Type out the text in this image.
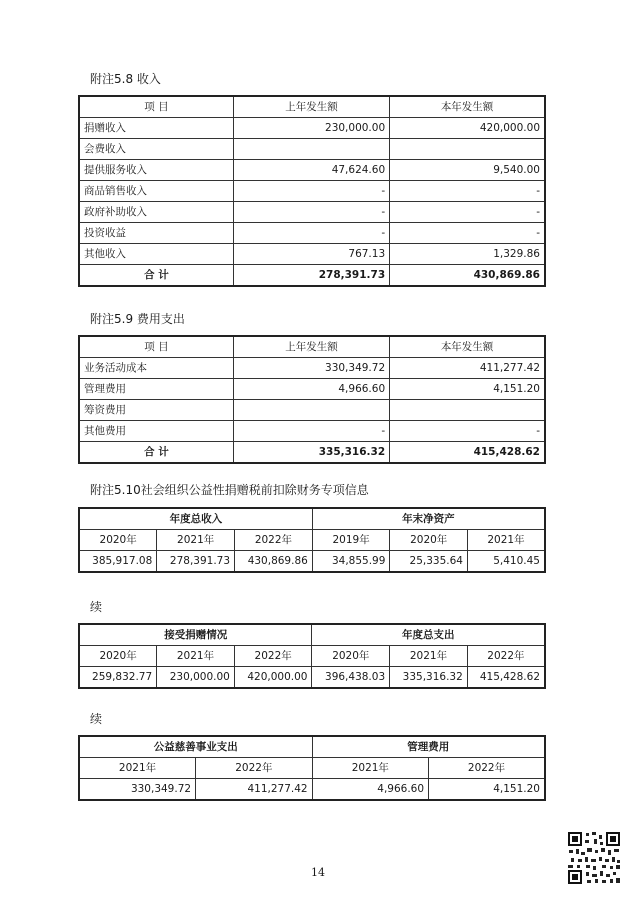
附注5.8 收入
项 目	上年发生额	本年发生额
捐赠收入	230,000.00	420,000.00
会费收入		
提供服务收入	47,624.60	9,540.00
商品销售收入	-	-
政府补助收入	-	-
投资收益	-	-
其他收入	767.13	1,329.86
合 计	278,391.73	430,869.86
附注5.9 费用支出
项 目	上年发生额	本年发生额
业务活动成本	330,349.72	411,277.42
管理费用	4,966.60	4,151.20
筹资费用		
其他费用	-	-
合 计	335,316.32	415,428.62
附注5.10社会组织公益性捐赠税前扣除财务专项信息
年度总收入			年末净资产		
2020年	2021年	2022年	2019年	2020年	2021年
385,917.08	278,391.73	430,869.86	34,855.99	25,335.64	5,410.45
续
接受捐赠情况			年度总支出		
2020年	2021年	2022年	2020年	2021年	2022年
259,832.77	230,000.00	420,000.00	396,438.03	335,316.32	415,428.62
续
公益慈善事业支出		管理费用	
2021年	2022年	2021年	2022年
330,349.72	411,277.42	4,966.60	4,151.20
14
